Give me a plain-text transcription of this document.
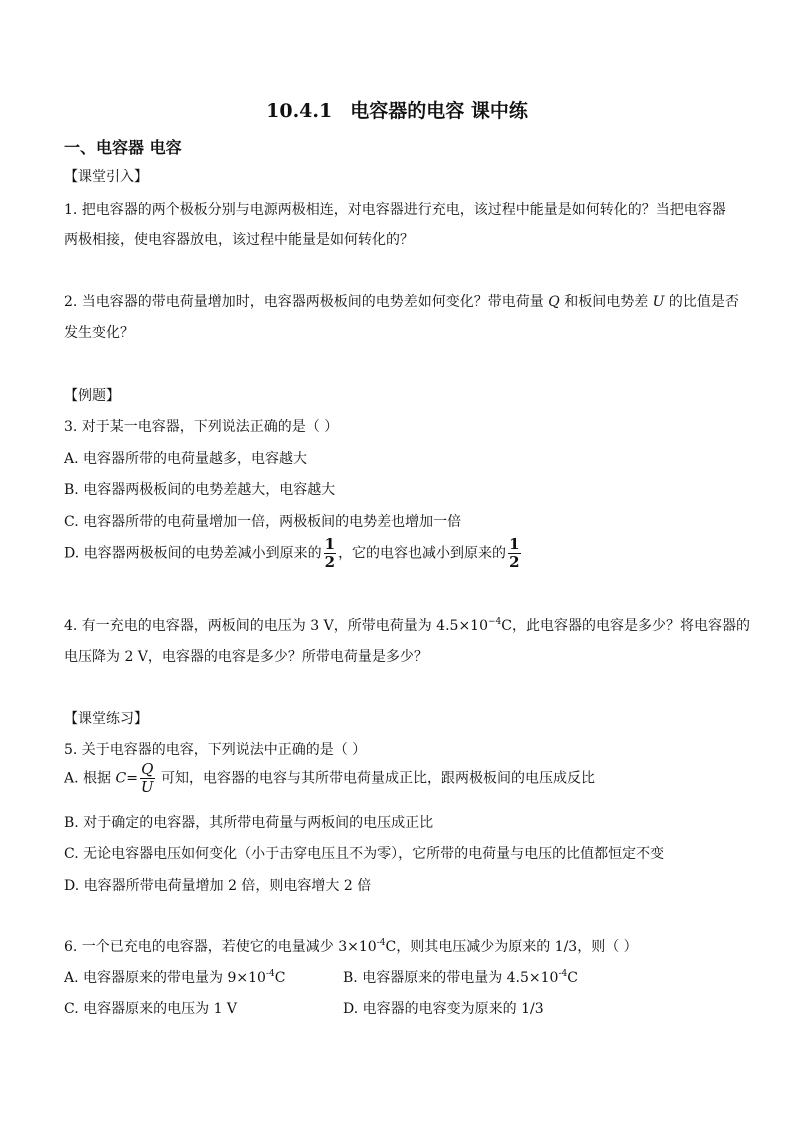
10.4.1 电容器的电容 课中练
一、电容器 电容
【课堂引入】
1. 把电容器的两个极板分别与电源两极相连，对电容器进行充电，该过程中能量是如何转化的？当把电容器
两极相接，使电容器放电，该过程中能量是如何转化的？
2. 当电容器的带电荷量增加时，电容器两极板间的电势差如何变化？带电荷量 Q 和板间电势差 U 的比值是否
发生变化？
【例题】
3. 对于某一电容器，下列说法正确的是（ ）
A. 电容器所带的电荷量越多，电容越大
B. 电容器两极板间的电势差越大，电容越大
C. 电容器所带的电荷量增加一倍，两极板间的电势差也增加一倍
D. 电容器两极板间的电势差减小到原来的 $\frac{1}{2}$ ，它的电容也减小到原来的 $\frac{1}{2}$
4. 有一充电的电容器，两板间的电压为 3 V，所带电荷量为 $4.5\times 10^{-4}C$，此电容器的电容是多少？将电容器的
电压降为 2 V，电容器的电容是多少？所带电荷量是多少？
【课堂练习】
5. 关于电容器的电容，下列说法中正确的是（ ）
A. 根据 $C= \frac{Q}{U}$ 可知，电容器的电容与其所带电荷量成正比，跟两极板间的电压成反比
B. 对于确定的电容器，其所带电荷量与两板间的电压成正比
C. 无论电容器电压如何变化（小于击穿电压且不为零），它所带的电荷量与电压的比值都恒定不变
D. 电容器所带电荷量增加 2 倍，则电容增大 2 倍
6. 一个已充电的电容器，若使它的电量减少 $3\times 10^{-4}C$，则其电压减少为原来的 1/3，则（ ）
A. 电容器原来的带电量为 $9\times 10^{-4}C$	B. 电容器原来的带电量为 $4.5\times 10^{-4}C$
C. 电容器原来的电压为 1 V	D. 电容器的电容变为原来的 1/3
